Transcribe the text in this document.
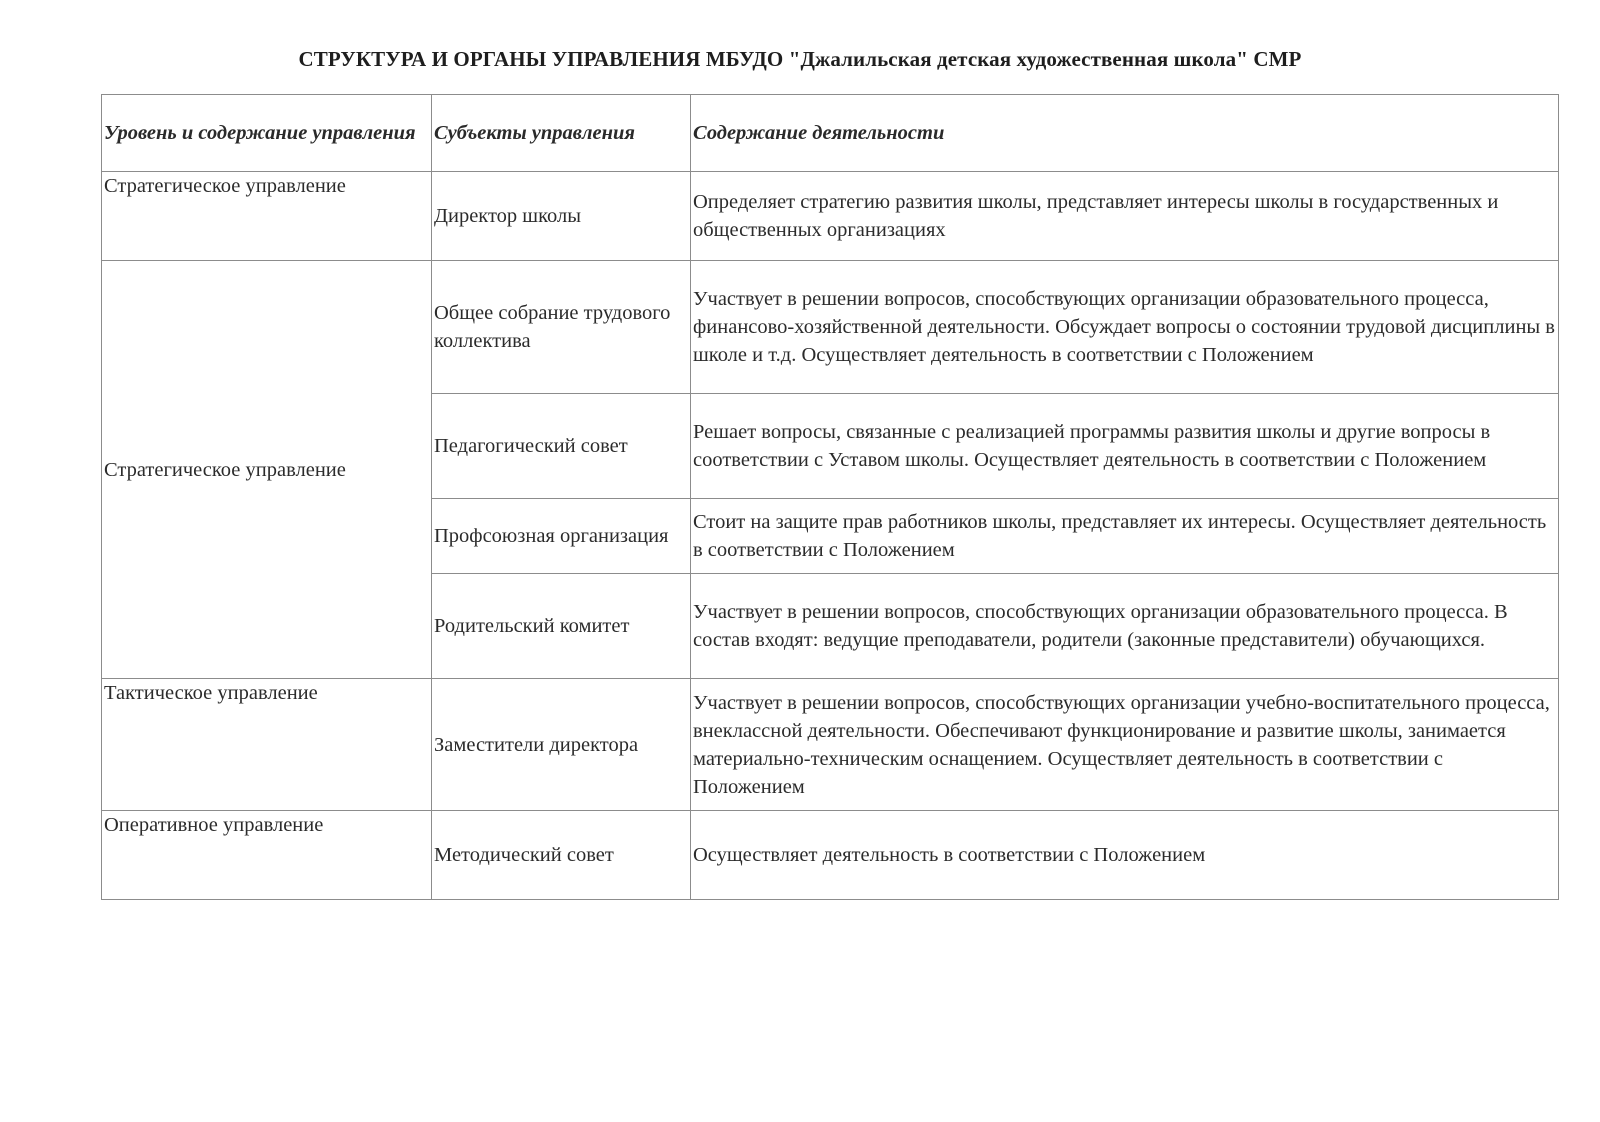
СТРУКТУРА И ОРГАНЫ УПРАВЛЕНИЯ МБУДО "Джалильская детская художественная школа" СМР
Уровень и содержание управления	Субъекты управления	Содержание деятельности
Стратегическое управление	Директор школы	Определяет стратегию развития школы, представляет интересы школы в государственных и общественных организациях
Стратегическое управление	Общее собрание трудового коллектива	Участвует в решении вопросов, способствующих организации образовательного процесса, финансово-хозяйственной деятельности. Обсуждает вопросы о состоянии трудовой дисциплины в школе и т.д. Осуществляет деятельность в соответствии с Положением
	Педагогический совет	Решает вопросы, связанные с реализацией программы развития школы и другие вопросы в соответствии с Уставом школы. Осуществляет деятельность в соответствии с Положением
	Профсоюзная организация	Стоит на защите прав работников школы, представляет их интересы. Осуществляет деятельность в соответствии с Положением
	Родительский комитет	Участвует в решении вопросов, способствующих организации образовательного процесса. В состав входят: ведущие преподаватели, родители (законные представители) обучающихся.
Тактическое управление	Заместители директора	Участвует в решении вопросов, способствующих организации учебно-воспитательного процесса, внеклассной деятельности. Обеспечивают функционирование и развитие школы, занимается материально-техническим оснащением. Осуществляет деятельность в соответствии с Положением
Оперативное управление	Методический совет	Осуществляет деятельность в соответствии с Положением
